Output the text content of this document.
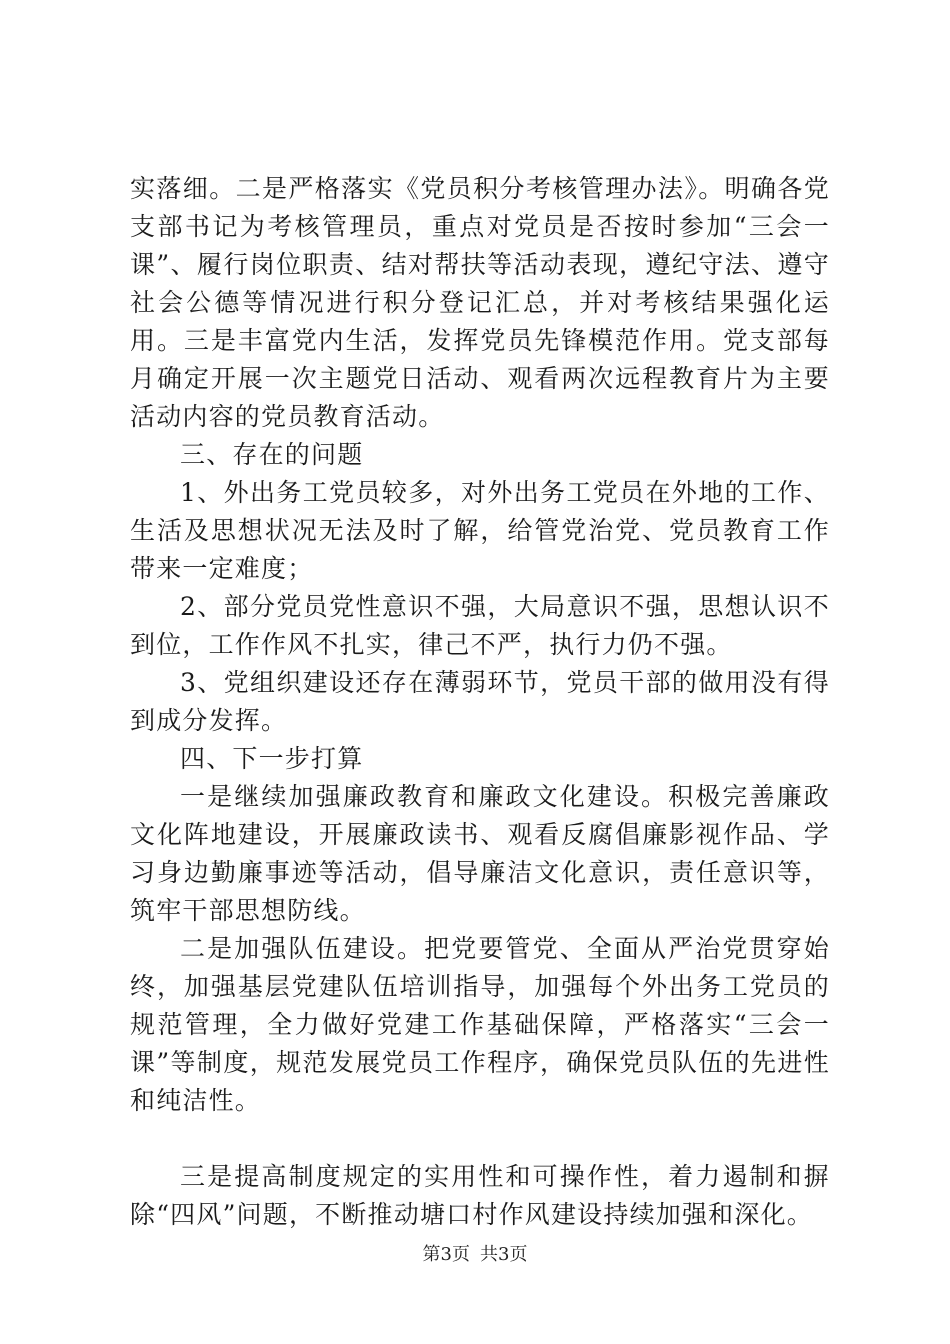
实落细。二是严格落实《党员积分考核管理办法》。明确各党支部书记为考核管理员，重点对党员是否按时参加“三会一课”、履行岗位职责、结对帮扶等活动表现，遵纪守法、遵守社会公德等情况进行积分登记汇总，并对考核结果强化运用。三是丰富党内生活，发挥党员先锋模范作用。党支部每月确定开展一次主题党日活动、观看两次远程教育片为主要活动内容的党员教育活动。

三、存在的问题

1、外出务工党员较多，对外出务工党员在外地的工作、生活及思想状况无法及时了解，给管党治党、党员教育工作带来一定难度；

2、部分党员党性意识不强，大局意识不强，思想认识不到位，工作作风不扎实，律己不严，执行力仍不强。

3、党组织建设还存在薄弱环节，党员干部的做用没有得到成分发挥。

四、下一步打算

一是继续加强廉政教育和廉政文化建设。积极完善廉政文化阵地建设，开展廉政读书、观看反腐倡廉影视作品、学习身边勤廉事迹等活动，倡导廉洁文化意识，责任意识等，筑牢干部思想防线。

二是加强队伍建设。把党要管党、全面从严治党贯穿始终，加强基层党建队伍培训指导，加强每个外出务工党员的规范管理，全力做好党建工作基础保障，严格落实“三会一课”等制度，规范发展党员工作程序，确保党员队伍的先进性和纯洁性。

三是提高制度规定的实用性和可操作性，着力遏制和摒除“四风”问题，不断推动塘口村作风建设持续加强和深化。

第3页 共3页
